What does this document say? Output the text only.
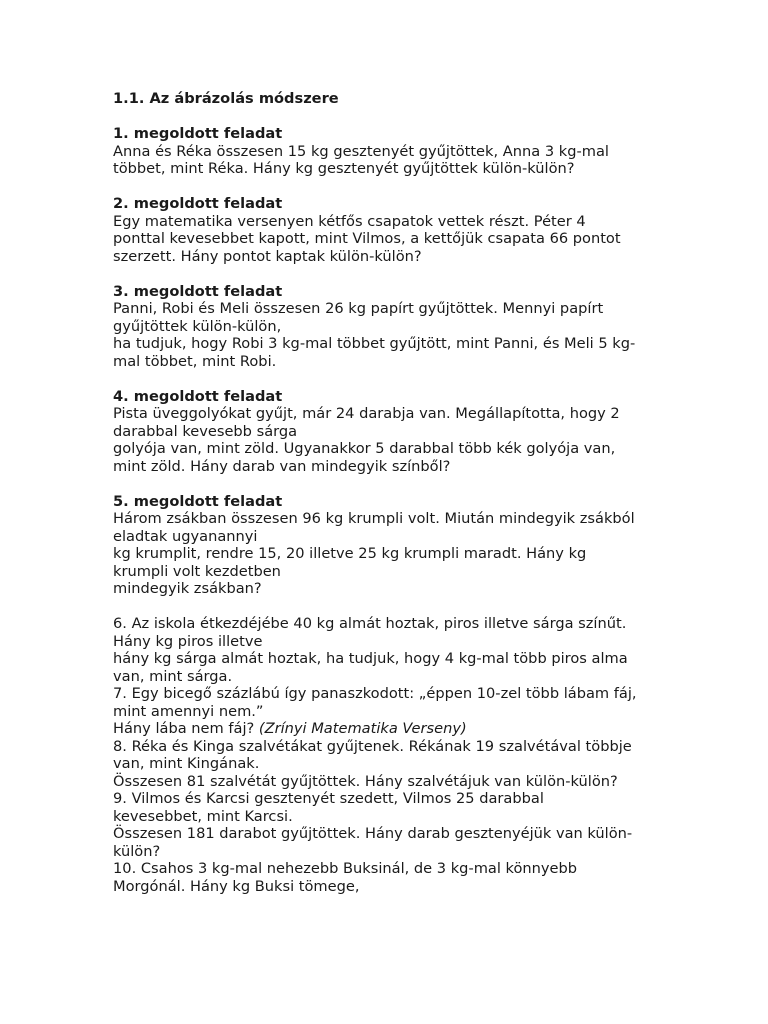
1.1. Az ábrázolás módszere

1. megoldott feladat

Anna és Réka összesen 15 kg gesztenyét gyűjtöttek, Anna 3 kg-mal

többet, mint Réka. Hány kg gesztenyét gyűjtöttek külön-külön?

2. megoldott feladat

Egy matematika versenyen kétfős csapatok vettek részt. Péter 4

ponttal kevesebbet kapott, mint Vilmos, a kettőjük csapata 66 pontot

szerzett. Hány pontot kaptak külön-külön?

3. megoldott feladat

Panni, Robi és Meli összesen 26 kg papírt gyűjtöttek. Mennyi papírt

gyűjtöttek külön-külön,

ha tudjuk, hogy Robi 3 kg-mal többet gyűjtött, mint Panni, és Meli 5 kg-

mal többet, mint Robi.

4. megoldott feladat

Pista üveggolyókat gyűjt, már 24 darabja van. Megállapította, hogy 2

darabbal kevesebb sárga

golyója van, mint zöld. Ugyanakkor 5 darabbal több kék golyója van,

mint zöld. Hány darab van mindegyik színből?

5. megoldott feladat

Három zsákban összesen 96 kg krumpli volt. Miután mindegyik zsákból

eladtak ugyanannyi

kg krumplit, rendre 15, 20 illetve 25 kg krumpli maradt. Hány kg

krumpli volt kezdetben

mindegyik zsákban?

6. Az iskola étkezdéjébe 40 kg almát hoztak, piros illetve sárga színűt.

Hány kg piros illetve

hány kg sárga almát hoztak, ha tudjuk, hogy 4 kg-mal több piros alma

van, mint sárga.

7. Egy bicegő százlábú így panaszkodott: „éppen 10-zel több lábam fáj,

mint amennyi nem.”

Hány lába nem fáj? (Zrínyi Matematika Verseny)

8. Réka és Kinga szalvétákat gyűjtenek. Rékának 19 szalvétával többje

van, mint Kingának.

Összesen 81 szalvétát gyűjtöttek. Hány szalvétájuk van külön-külön?

9. Vilmos és Karcsi gesztenyét szedett, Vilmos 25 darabbal

kevesebbet, mint Karcsi.

Összesen 181 darabot gyűjtöttek. Hány darab gesztenyéjük van külön-

külön?

10. Csahos 3 kg-mal nehezebb Buksinál, de 3 kg-mal könnyebb

Morgónál. Hány kg Buksi tömege,
